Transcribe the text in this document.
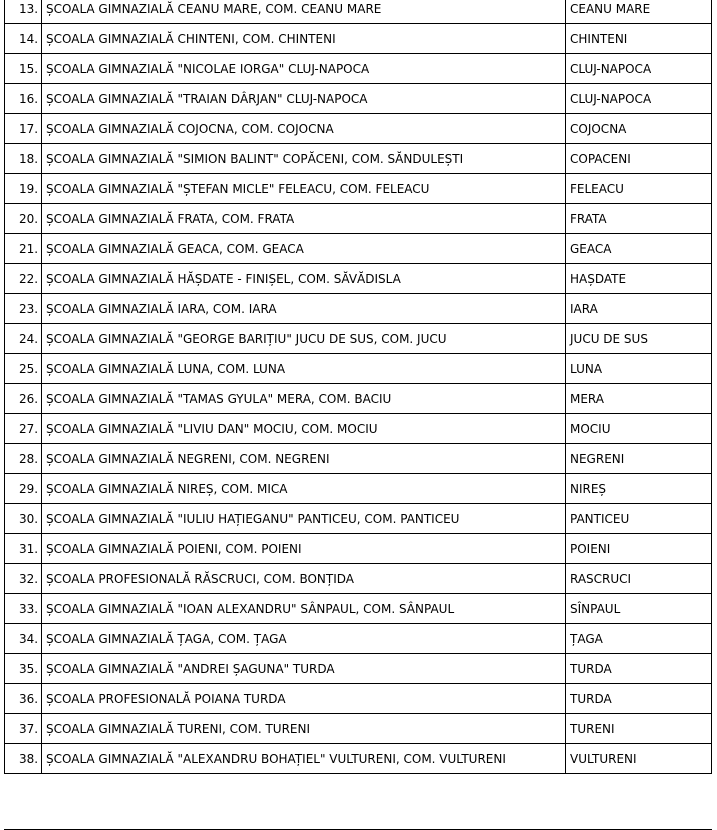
13.	ȘCOALA GIMNAZIALĂ CEANU MARE, COM. CEANU MARE	CEANU MARE
14.	ȘCOALA GIMNAZIALĂ CHINTENI, COM. CHINTENI	CHINTENI
15.	ȘCOALA GIMNAZIALĂ "NICOLAE IORGA" CLUJ-NAPOCA	CLUJ-NAPOCA
16.	ȘCOALA GIMNAZIALĂ "TRAIAN DÂRJAN" CLUJ-NAPOCA	CLUJ-NAPOCA
17.	ȘCOALA GIMNAZIALĂ COJOCNA, COM. COJOCNA	COJOCNA
18.	ȘCOALA GIMNAZIALĂ "SIMION BALINT" COPĂCENI, COM. SĂNDULEȘTI	COPACENI
19.	ȘCOALA GIMNAZIALĂ "ȘTEFAN MICLE" FELEACU, COM. FELEACU	FELEACU
20.	ȘCOALA GIMNAZIALĂ FRATA, COM. FRATA	FRATA
21.	ȘCOALA GIMNAZIALĂ GEACA, COM. GEACA	GEACA
22.	ȘCOALA GIMNAZIALĂ HĂȘDATE - FINIȘEL, COM. SĂVĂDISLA	HAȘDATE
23.	ȘCOALA GIMNAZIALĂ IARA, COM. IARA	IARA
24.	ȘCOALA GIMNAZIALĂ "GEORGE BARIȚIU" JUCU DE SUS, COM. JUCU	JUCU DE SUS
25.	ȘCOALA GIMNAZIALĂ LUNA, COM. LUNA	LUNA
26.	ȘCOALA GIMNAZIALĂ "TAMAS GYULA" MERA, COM. BACIU	MERA
27.	ȘCOALA GIMNAZIALĂ "LIVIU DAN" MOCIU, COM. MOCIU	MOCIU
28.	ȘCOALA GIMNAZIALĂ NEGRENI, COM. NEGRENI	NEGRENI
29.	ȘCOALA GIMNAZIALĂ NIREȘ, COM. MICA	NIREȘ
30.	ȘCOALA GIMNAZIALĂ "IULIU HAȚIEGANU" PANTICEU, COM. PANTICEU	PANTICEU
31.	ȘCOALA GIMNAZIALĂ POIENI, COM. POIENI	POIENI
32.	ȘCOALA PROFESIONALĂ RĂSCRUCI, COM. BONȚIDA	RASCRUCI
33.	ȘCOALA GIMNAZIALĂ "IOAN ALEXANDRU" SÂNPAUL, COM. SÂNPAUL	SÎNPAUL
34.	ȘCOALA GIMNAZIALĂ ȚAGA, COM. ȚAGA	ȚAGA
35.	ȘCOALA GIMNAZIALĂ "ANDREI ȘAGUNA" TURDA	TURDA
36.	ȘCOALA PROFESIONALĂ POIANA TURDA	TURDA
37.	ȘCOALA GIMNAZIALĂ TURENI, COM. TURENI	TURENI
38.	ȘCOALA GIMNAZIALĂ "ALEXANDRU BOHAȚIEL" VULTURENI, COM. VULTURENI	VULTURENI
